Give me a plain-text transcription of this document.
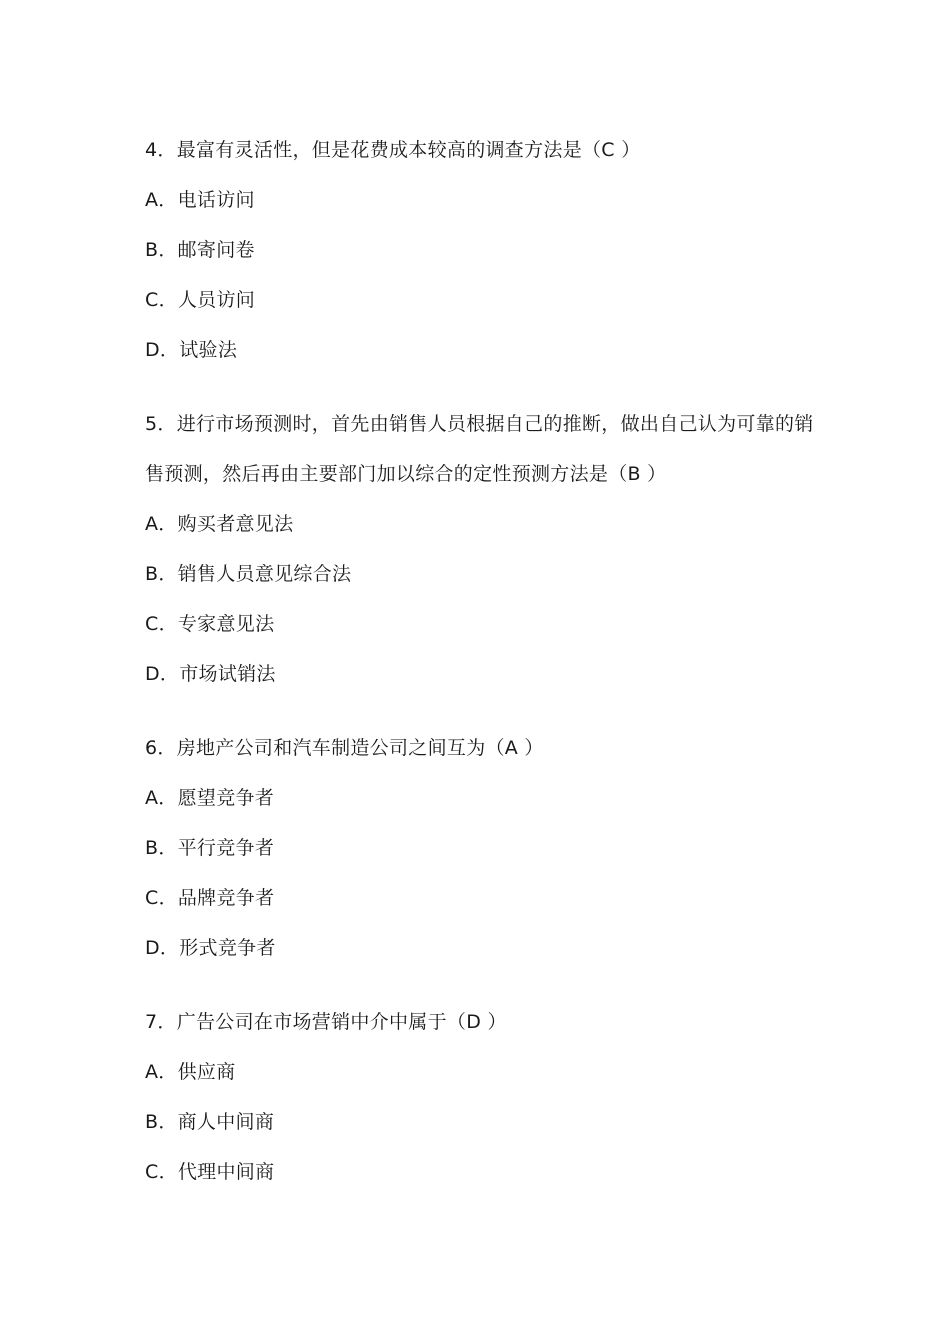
4．最富有灵活性，但是花费成本较高的调查方法是（C ）
A．电话访问
B．邮寄问卷
C．人员访问
D．试验法
5．进行市场预测时，首先由销售人员根据自己的推断，做出自己认为可靠的销
售预测，然后再由主要部门加以综合的定性预测方法是（B ）
A．购买者意见法
B．销售人员意见综合法
C．专家意见法
D．市场试销法
6．房地产公司和汽车制造公司之间互为（A ）
A．愿望竞争者
B．平行竞争者
C．品牌竞争者
D．形式竞争者
7．广告公司在市场营销中介中属于（D ）
A．供应商
B．商人中间商
C．代理中间商
